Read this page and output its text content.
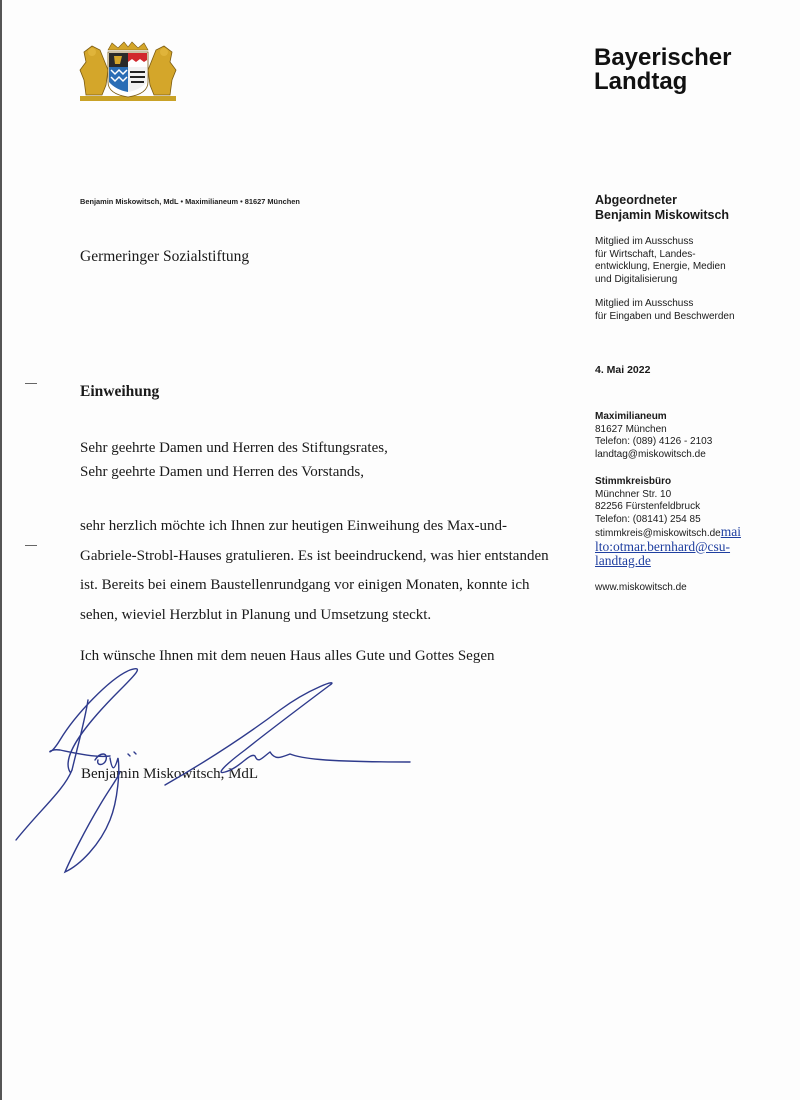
Bayerischer
Landtag
Benjamin Miskowitsch, MdL • Maximilianeum • 81627 München
Germeringer Sozialstiftung
Abgeordneter
Benjamin Miskowitsch
Mitglied im Ausschuss
für Wirtschaft, Landes-
entwicklung, Energie, Medien
und Digitalisierung
Mitglied im Ausschuss
für Eingaben und Beschwerden
4. Mai 2022
Maximilianeum
81627 München
Telefon: (089) 4126 - 2103
landtag@miskowitsch.de
Stimmkreisbüro
Münchner Str. 10
82256 Fürstenfeldbruck
Telefon: (08141) 254 85
stimmkreis@miskowitsch.demai
lto:otmar.bernhard@csu-
landtag.de
www.miskowitsch.de
Einweihung
Sehr geehrte Damen und Herren des Stiftungsrates,
Sehr geehrte Damen und Herren des Vorstands,
sehr herzlich möchte ich Ihnen zur heutigen Einweihung des Max-und-
Gabriele-Strobl-Hauses gratulieren. Es ist beeindruckend, was hier entstanden
ist. Bereits bei einem Baustellenrundgang vor einigen Monaten, konnte ich
sehen, wieviel Herzblut in Planung und Umsetzung steckt.
Ich wünsche Ihnen mit dem neuen Haus alles Gute und Gottes Segen
Benjamin Miskowitsch, MdL
